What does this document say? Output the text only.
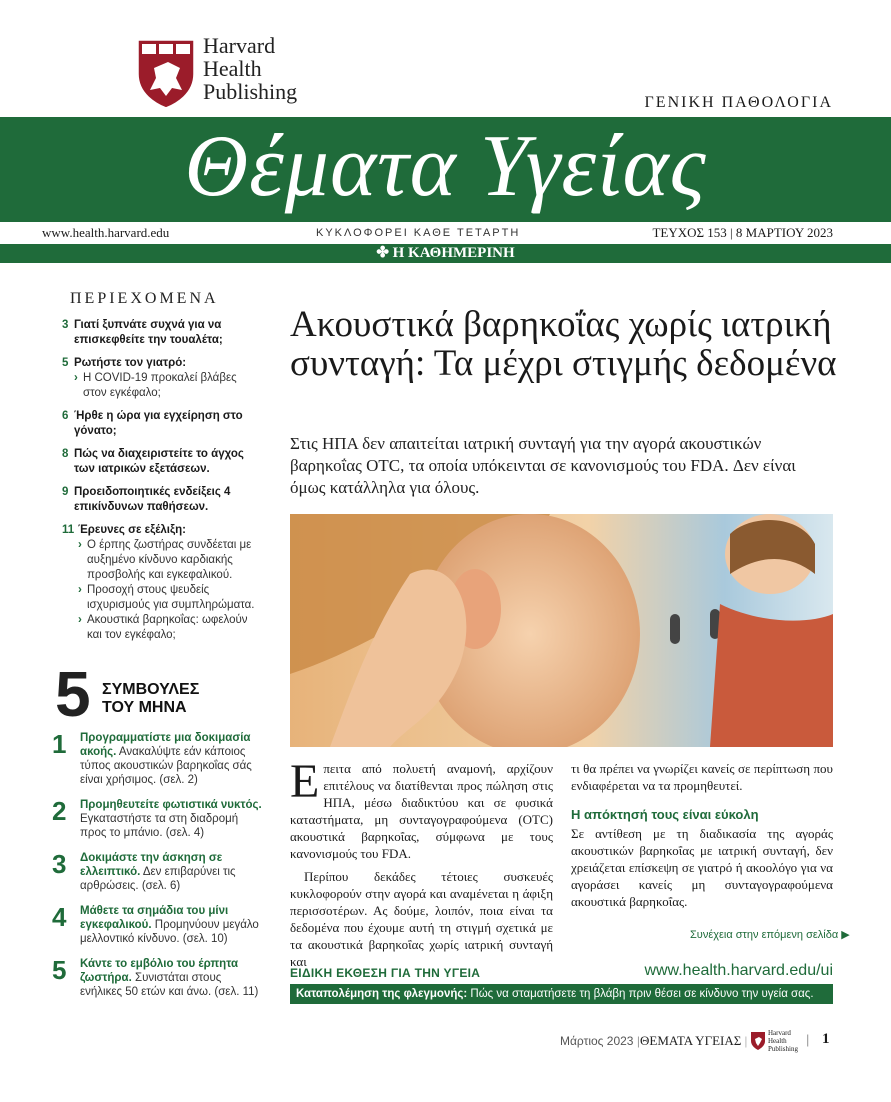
Harvard
Health
Publishing	ΓΕΝΙΚΗ ΠΑΘΟΛΟΓΙΑ
Θέματα Υγείας
www.health.harvard.edu	ΚΥΚΛΟΦΟΡΕΙ ΚΑΘΕ ΤΕΤΑΡΤΗ	ΤΕΥΧΟΣ 153 | 8 ΜΑΡΤΙΟΥ 2023
✤ Η ΚΑΘΗΜΕΡΙΝΗ
ΠΕΡΙΕΧΟΜΕΝΑ
3 Γιατί ξυπνάτε συχνά για να επισκεφθείτε την τουαλέτα;
5 Ρωτήστε τον γιατρό:
› Η COVID-19 προκαλεί βλάβες στον εγκέφαλο;
6 Ήρθε η ώρα για εγχείρηση στο γόνατο;
8 Πώς να διαχειριστείτε το άγχος των ιατρικών εξετάσεων.
9 Προειδοποιητικές ενδείξεις 4 επικίνδυνων παθήσεων.
11 Έρευνες σε εξέλιξη:
› Ο έρπης ζωστήρας συνδέεται με αυξημένο κίνδυνο καρδιακής προσβολής και εγκεφαλικού.
› Προσοχή στους ψευδείς ισχυρισμούς για συμπληρώματα.
› Ακουστικά βαρηκοΐας: ωφελούν και τον εγκέφαλο;
5 ΣΥΜΒΟΥΛΕΣ
ΤΟΥ ΜΗΝΑ
1	Προγραμματίστε μια δοκιμασία ακοής. Ανακαλύψτε εάν κάποιος τύπος ακουστικών βαρηκοΐας σάς είναι χρήσιμος. (σελ. 2)
2	Προμηθευτείτε φωτιστικά νυκτός. Εγκαταστήστε τα στη διαδρομή προς το μπάνιο. (σελ. 4)
3	Δοκιμάστε την άσκηση σε ελλειπτικό. Δεν επιβαρύνει τις αρθρώσεις. (σελ. 6)
4	Μάθετε τα σημάδια του μίνι εγκεφαλικού. Προμηνύουν μεγάλο μελλοντικό κίνδυνο. (σελ. 10)
5	Κάντε το εμβόλιο του έρπητα ζωστήρα. Συνιστάται στους ενήλικες 50 ετών και άνω. (σελ. 11)
Ακουστικά βαρηκοΐας χωρίς ιατρική συνταγή: Τα μέχρι στιγμής δεδομένα
Στις ΗΠΑ δεν απαιτείται ιατρική συνταγή για την αγορά ακουστικών βαρηκοΐας OTC, τα οποία υπόκεινται σε κανονισμούς του FDA. Δεν είναι όμως κατάλληλα για όλους.

Επειτα από πολυετή αναμονή, αρχίζουν επιτέλους να διατίθενται προς πώληση στις ΗΠΑ, μέσω διαδικτύου και σε φυσικά καταστήματα, μη συνταγογραφούμενα (OTC) ακουστικά βαρηκοΐας, σύμφωνα με τους κανονισμούς του FDA.

Περίπου δεκάδες τέτοιες συσκευές κυκλοφορούν στην αγορά και αναμένεται η άφιξη περισσοτέρων. Ας δούμε, λοιπόν, ποια είναι τα δεδομένα που έχουμε αυτή τη στιγμή σχετικά με τα ακουστικά βαρηκοΐας χωρίς ιατρική συνταγή και

τι θα πρέπει να γνωρίζει κανείς σε περίπτωση που ενδιαφέρεται να τα προμηθευτεί.

Η απόκτησή τους είναι εύκολη

Σε αντίθεση με τη διαδικασία της αγοράς ακουστικών βαρηκοΐας με ιατρική συνταγή, δεν χρειάζεται επίσκεψη σε γιατρό ή ακοολόγο για να αγοράσει κανείς μη συνταγογραφούμενα ακουστικά βαρηκοΐας.

Συνέχεια στην επόμενη σελίδα ▶
ΕΙΔΙΚΗ ΕΚΘΕΣΗ ΓΙΑ ΤΗΝ ΥΓΕΙΑ	www.health.harvard.edu/ui
Καταπολέμηση της φλεγμονής: Πώς να σταματήσετε τη βλάβη πριν θέσει σε κίνδυνο την υγεία σας.
Μάρτιος 2023 | ΘΕΜΑΤΑ ΥΓΕΙΑΣ |	Harvard
Health
Publishing
| 1
